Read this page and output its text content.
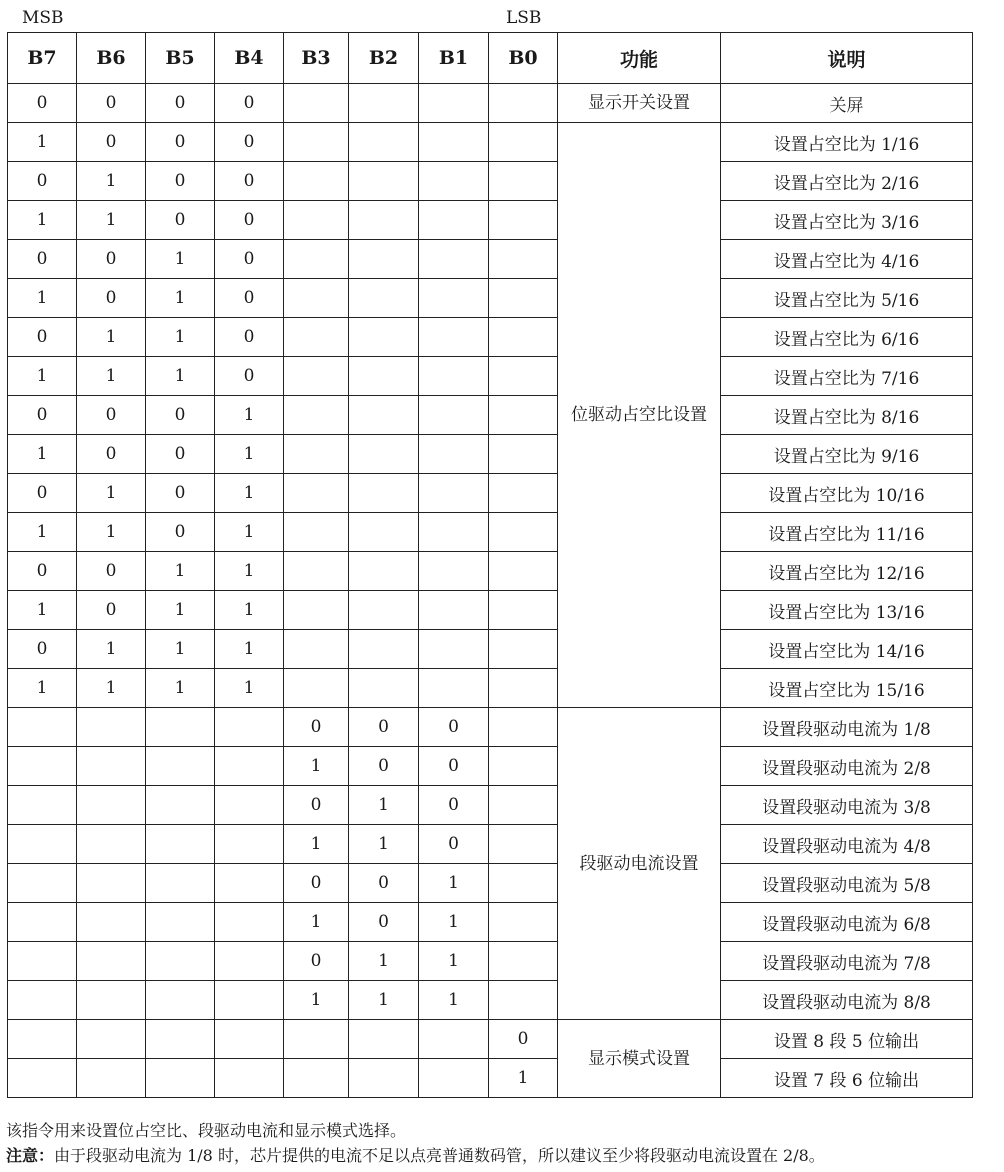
MSB	LSB
B7	B6	B5	B4	B3	B2	B1	B0	功能	说明
0	0	0	0					显示开关设置	关屏
1	0	0	0					位驱动占空比设置	设置占空比为 1/16
0	1	0	0						设置占空比为 2/16
1	1	0	0						设置占空比为 3/16
0	0	1	0						设置占空比为 4/16
1	0	1	0						设置占空比为 5/16
0	1	1	0						设置占空比为 6/16
1	1	1	0						设置占空比为 7/16
0	0	0	1						设置占空比为 8/16
1	0	0	1						设置占空比为 9/16
0	1	0	1						设置占空比为 10/16
1	1	0	1						设置占空比为 11/16
0	0	1	1						设置占空比为 12/16
1	0	1	1						设置占空比为 13/16
0	1	1	1						设置占空比为 14/16
1	1	1	1						设置占空比为 15/16
				0	0	0		段驱动电流设置	设置段驱动电流为 1/8
				1	0	0			设置段驱动电流为 2/8
				0	1	0			设置段驱动电流为 3/8
				1	1	0			设置段驱动电流为 4/8
				0	0	1			设置段驱动电流为 5/8
				1	0	1			设置段驱动电流为 6/8
				0	1	1			设置段驱动电流为 7/8
				1	1	1			设置段驱动电流为 8/8
							0	显示模式设置	设置 8 段 5 位输出
							1		设置 7 段 6 位输出
该指令用来设置位占空比、段驱动电流和显示模式选择。
注意：由于段驱动电流为 1/8 时，芯片提供的电流不足以点亮普通数码管，所以建议至少将段驱动电流设置在 2/8。
